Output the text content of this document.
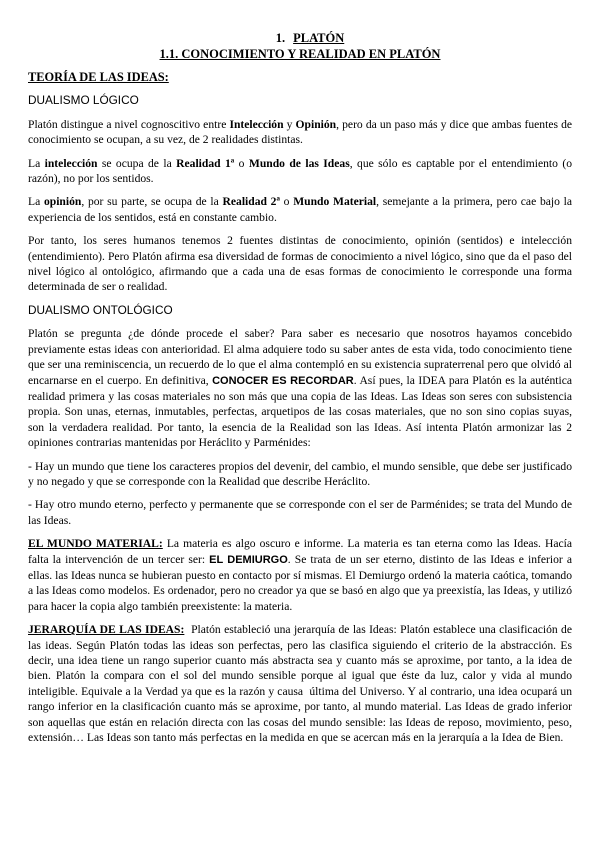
1. PLATÓN
1.1. CONOCIMIENTO Y REALIDAD EN PLATÓN

TEORÍA DE LAS IDEAS:

DUALISMO LÓGICO

Platón distingue a nivel cognoscitivo entre Intelección y Opinión, pero da un paso más y dice que ambas fuentes de conocimiento se ocupan, a su vez, de 2 realidades distintas.

La intelección se ocupa de la Realidad 1ª o Mundo de las Ideas, que sólo es captable por el entendimiento (o razón), no por los sentidos.

La opinión, por su parte, se ocupa de la Realidad 2ª o Mundo Material, semejante a la primera, pero cae bajo la experiencia de los sentidos, está en constante cambio.

Por tanto, los seres humanos tenemos 2 fuentes distintas de conocimiento, opinión (sentidos) e intelección (entendimiento). Pero Platón afirma esa diversidad de formas de conocimiento a nivel lógico, sino que da el paso del nivel lógico al ontológico, afirmando que a cada una de esas formas de conocimiento le corresponde una forma determinada de ser o realidad.

DUALISMO ONTOLÓGICO

Platón se pregunta ¿de dónde procede el saber? Para saber es necesario que nosotros hayamos concebido previamente estas ideas con anterioridad. El alma adquiere todo su saber antes de esta vida, todo conocimiento tiene que ser una reminiscencia, un recuerdo de lo que el alma contempló en su existencia supraterrenal pero que olvidó al encarnarse en el cuerpo. En definitiva, CONOCER ES RECORDAR. Así pues, la IDEA para Platón es la auténtica realidad primera y las cosas materiales no son más que una copia de las Ideas. Las Ideas son seres con subsistencia propia. Son unas, eternas, inmutables, perfectas, arquetipos de las cosas materiales, que no son sino copias suyas, son la verdadera realidad. Por tanto, la esencia de la Realidad son las Ideas. Así intenta Platón armonizar las 2 opiniones contrarias mantenidas por Heráclito y Parménides:

- Hay un mundo que tiene los caracteres propios del devenir, del cambio, el mundo sensible, que debe ser justificado y no negado y que se corresponde con la Realidad que describe Heráclito.

- Hay otro mundo eterno, perfecto y permanente que se corresponde con el ser de Parménides; se trata del Mundo de las Ideas.

EL MUNDO MATERIAL: La materia es algo oscuro e informe. La materia es tan eterna como las Ideas. Hacía falta la intervención de un tercer ser: EL DEMIURGO. Se trata de un ser eterno, distinto de las Ideas e inferior a ellas. las Ideas nunca se hubieran puesto en contacto por sí mismas. El Demiurgo ordenó la materia caótica, tomando a las Ideas como modelos. Es ordenador, pero no creador ya que se basó en algo que ya preexistía, las Ideas, y utilizó para hacer la copia algo también preexistente: la materia.

JERARQUÍA DE LAS IDEAS:  Platón estableció una jerarquía de las Ideas: Platón establece una clasificación de las ideas. Según Platón todas las ideas son perfectas, pero las clasifica siguiendo el criterio de la abstracción. Es decir, una idea tiene un rango superior cuanto más abstracta sea y cuanto más se aproxime, por tanto, a la idea de bien. Platón la compara con el sol del mundo sensible porque al igual que éste da luz, calor y vida al mundo inteligible. Equivale a la Verdad ya que es la razón y causa  última del Universo. Y al contrario, una idea ocupará un rango inferior en la clasificación cuanto más se aproxime, por tanto, al mundo material. Las Ideas de grado inferior son aquellas que están en relación directa con las cosas del mundo sensible: las Ideas de reposo, movimiento, peso, extensión… Las Ideas son tanto más perfectas en la medida en que se acercan más en la jerarquía a la Idea de Bien.
